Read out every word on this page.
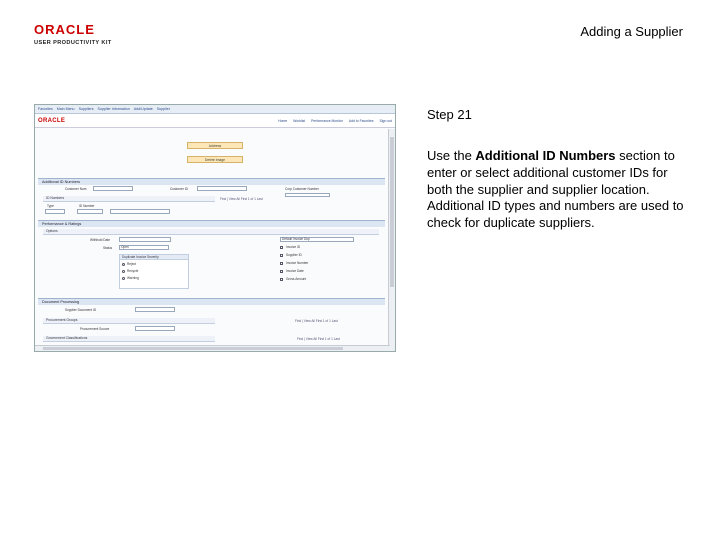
ORACLE
USER PRODUCTIVITY KIT
Adding a Supplier
Favorites Main Menu Suppliers Supplier Information Add/Update Supplier
ORACLE	Home Worklist Performance Monitor Add to Favorites Sign out
Address
Delete Image
Additional ID Numbers
Customer Num	Customer ID	Corp Customer Number
ID Numbers	Find | View All First 1 of 1 Last
Type	ID Number
Performance & Ratings
Options
Withhold Date
Status	Open
Duplicate Invoice Severity
Reject
Recycle
Warning
Default Invoice Dup
Invoice ID
Supplier ID
Invoice Number
Invoice Date
Gross Amount
Document Processing
Supplier Document ID
Procurement Groups	Find | View All First 1 of 1 Last
Procurement Source
Government Classifications	Find | View All First 1 of 1 Last
Step 21
Use the Additional ID Numbers section to enter or select additional customer IDs for both the supplier and supplier location. Additional ID types and numbers are used to check for duplicate suppliers.
